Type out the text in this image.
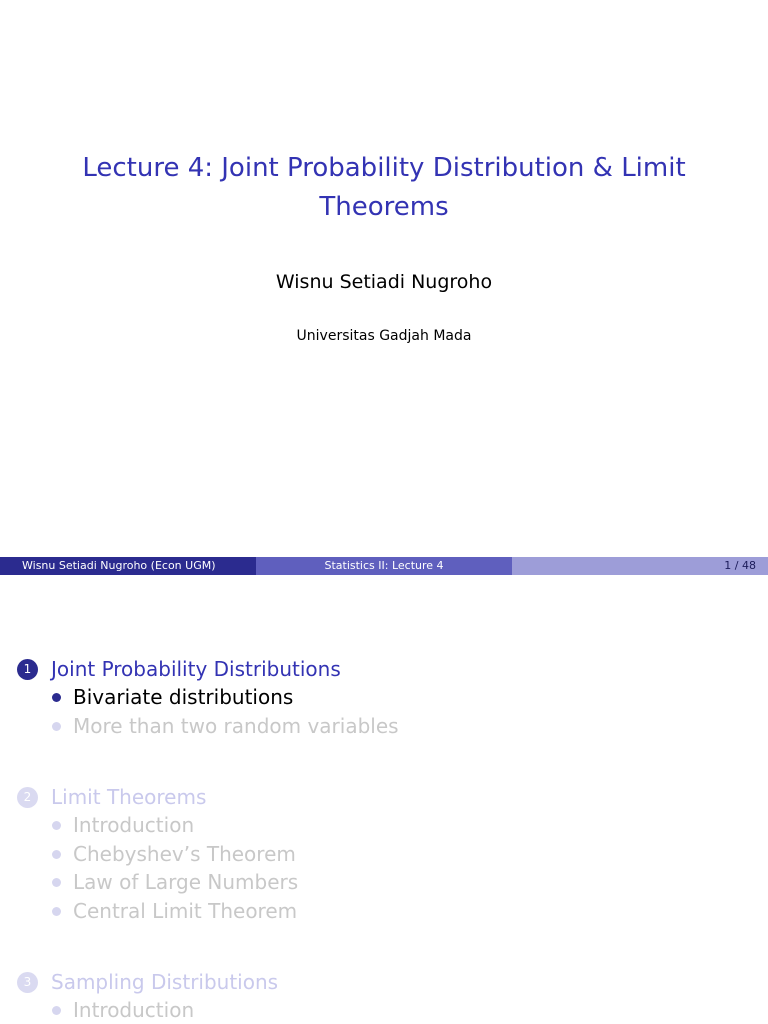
Lecture 4: Joint Probability Distribution & Limit
Theorems
Wisnu Setiadi Nugroho
Universitas Gadjah Mada
Wisnu Setiadi Nugroho (Econ UGM)	Statistics II: Lecture 4	1 / 48
1 Joint Probability Distributions
Bivariate distributions
More than two random variables
2 Limit Theorems
Introduction
Chebyshev’s Theorem
Law of Large Numbers
Central Limit Theorem
3 Sampling Distributions
Introduction
